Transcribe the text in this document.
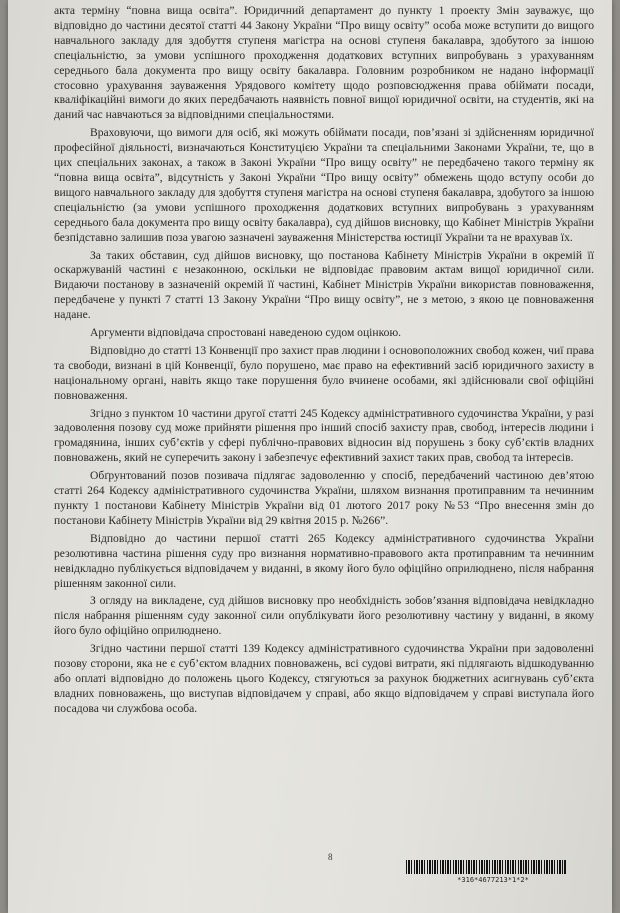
акта терміну “повна вища освіта”. Юридичний департамент до пункту 1 проекту Змін зауважує, що відповідно до частини десятої статті 44 Закону України “Про вищу освіту” особа може вступити до вищого навчального закладу для здобуття ступеня магістра на основі ступеня бакалавра, здобутого за іншою спеціальністю, за умови успішного проходження додаткових вступних випробувань з урахуванням середнього бала документа про вищу освіту бакалавра. Головним розробником не надано інформації стосовно урахування зауваження Урядового комітету щодо розповсюдження права обіймати посади, кваліфікаційні вимоги до яких передбачають наявність повної вищої юридичної освіти, на студентів, які на даний час навчаються за відповідними спеціальностями.

Враховуючи, що вимоги для осіб, які можуть обіймати посади, пов’язані зі здійсненням юридичної професійної діяльності, визначаються Конституцією України та спеціальними Законами України, те, що в цих спеціальних законах, а також в Законі України “Про вищу освіту” не передбачено такого терміну як “повна вища освіта”, відсутність у Законі України “Про вищу освіту” обмежень щодо вступу особи до вищого навчального закладу для здобуття ступеня магістра на основі ступеня бакалавра, здобутого за іншою спеціальністю (за умови успішного проходження додаткових вступних випробувань з урахуванням середнього бала документа про вищу освіту бакалавра), суд дійшов висновку, що Кабінет Міністрів України безпідставно залишив поза увагою зазначені зауваження Міністерства юстиції України та не врахував їх.

За таких обставин, суд дійшов висновку, що постанова Кабінету Міністрів України в окремій її оскаржуваній частині є незаконною, оскільки не відповідає правовим актам вищої юридичної сили. Видаючи постанову в зазначеній окремій її частині, Кабінет Міністрів України використав повноваження, передбачене у пункті 7 статті 13 Закону України “Про вищу освіту”, не з метою, з якою це повноваження надане.

Аргументи відповідача спростовані наведеною судом оцінкою.

Відповідно до статті 13 Конвенції про захист прав людини і основоположних свобод кожен, чиї права та свободи, визнані в цій Конвенції, було порушено, має право на ефективний засіб юридичного захисту в національному органі, навіть якщо таке порушення було вчинене особами, які здійснювали свої офіційні повноваження.

Згідно з пунктом 10 частини другої статті 245 Кодексу адміністративного судочинства України, у разі задоволення позову суд може прийняти рішення про інший спосіб захисту прав, свобод, інтересів людини і громадянина, інших суб’єктів у сфері публічно-правових відносин від порушень з боку суб’єктів владних повноважень, який не суперечить закону і забезпечує ефективний захист таких прав, свобод та інтересів.

Обґрунтований позов позивача підлягає задоволенню у спосіб, передбачений частиною дев’ятою статті 264 Кодексу адміністративного судочинства України, шляхом визнання протиправним та нечинним пункту 1 постанови Кабінету Міністрів України від 01 лютого 2017 року №53 “Про внесення змін до постанови Кабінету Міністрів України від 29 квітня 2015 р. №266”.

Відповідно до частини першої статті 265 Кодексу адміністративного судочинства України резолютивна частина рішення суду про визнання нормативно-правового акта протиправним та нечинним невідкладно публікується відповідачем у виданні, в якому його було офіційно оприлюднено, після набрання рішенням законної сили.

З огляду на викладене, суд дійшов висновку про необхідність зобов’язання відповідача невідкладно після набрання рішенням суду законної сили опублікувати його резолютивну частину у виданні, в якому його було офіційно оприлюднено.

Згідно частини першої статті 139 Кодексу адміністративного судочинства України при задоволенні позову сторони, яка не є суб’єктом владних повноважень, всі судові витрати, які підлягають відшкодуванню або оплаті відповідно до положень цього Кодексу, стягуються за рахунок бюджетних асигнувань суб’єкта владних повноважень, що виступав відповідачем у справі, або якщо відповідачем у справі виступала його посадова чи службова особа.

8
*316*4677213*1*2*
